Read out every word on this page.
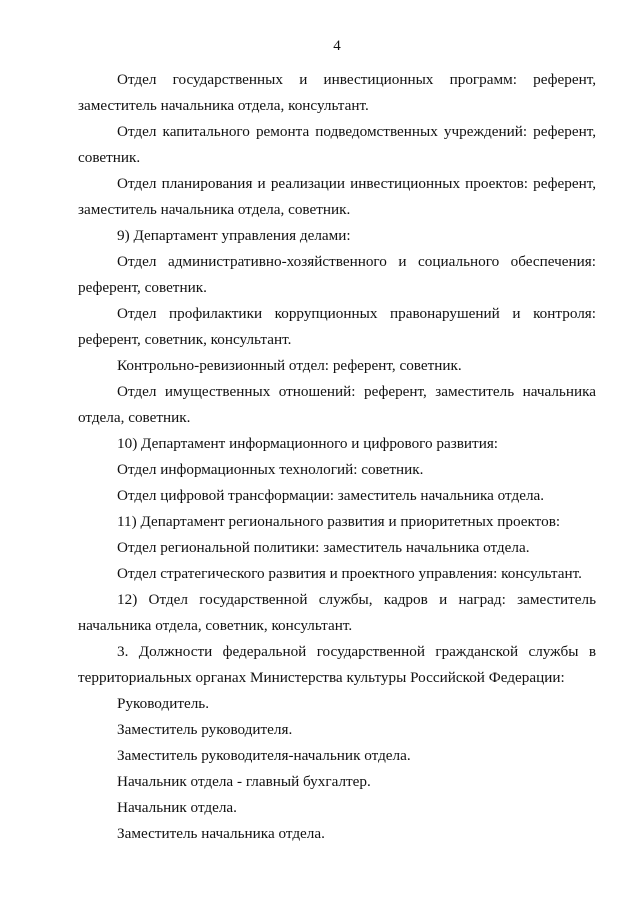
4

Отдел государственных и инвестиционных программ: референт, заместитель начальника отдела, консультант.

Отдел капитального ремонта подведомственных учреждений: референт, советник.

Отдел планирования и реализации инвестиционных проектов: референт, заместитель начальника отдела, советник.

9) Департамент управления делами:

Отдел административно-хозяйственного и социального обеспечения: референт, советник.

Отдел профилактики коррупционных правонарушений и контроля: референт, советник, консультант.

Контрольно-ревизионный отдел: референт, советник.

Отдел имущественных отношений: референт, заместитель начальника отдела, советник.

10) Департамент информационного и цифрового развития:

Отдел информационных технологий: советник.

Отдел цифровой трансформации: заместитель начальника отдела.

11) Департамент регионального развития и приоритетных проектов:

Отдел региональной политики: заместитель начальника отдела.

Отдел стратегического развития и проектного управления: консультант.

12) Отдел государственной службы, кадров и наград: заместитель начальника отдела, советник, консультант.

3. Должности федеральной государственной гражданской службы в территориальных органах Министерства культуры Российской Федерации:

Руководитель.

Заместитель руководителя.

Заместитель руководителя-начальник отдела.

Начальник отдела - главный бухгалтер.

Начальник отдела.

Заместитель начальника отдела.
